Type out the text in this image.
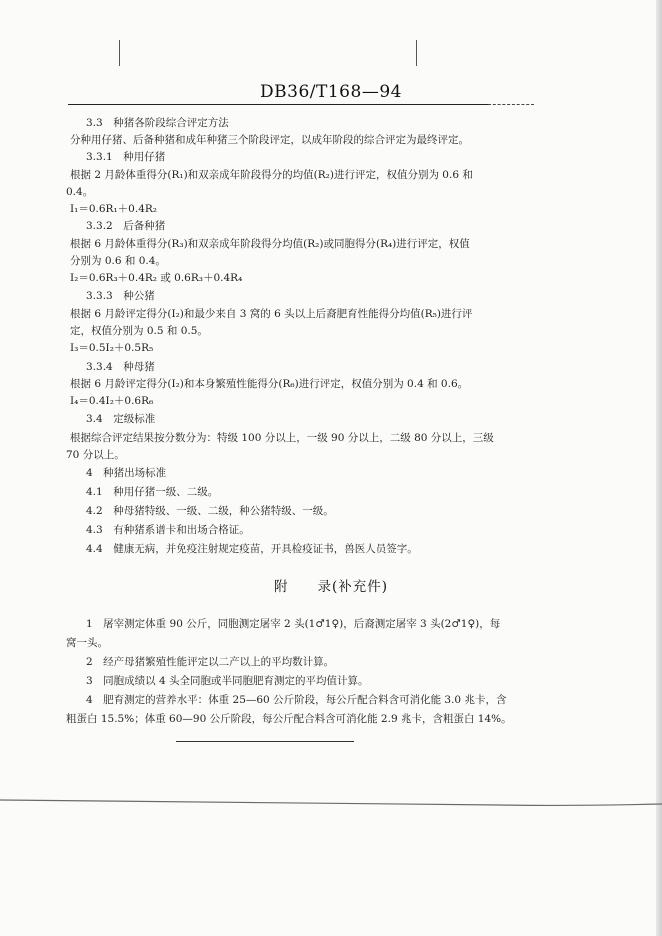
DB36/T168—94
3.3　种猪各阶段综合评定方法
分种用仔猪、后备种猪和成年种猪三个阶段评定，以成年阶段的综合评定为最终评定。
3.3.1　种用仔猪
根据 2 月龄体重得分(R₁)和双亲成年阶段得分的均值(R₂)进行评定，权值分别为 0.6 和
0.4。
I₁＝0.6R₁＋0.4R₂
3.3.2　后备种猪
根据 6 月龄体重得分(R₃)和双亲成年阶段得分均值(R₂)或同胞得分(R₄)进行评定，权值
分别为 0.6 和 0.4。
I₂＝0.6R₃＋0.4R₂ 或 0.6R₃＋0.4R₄
3.3.3　种公猪
根据 6 月龄评定得分(I₂)和最少来自 3 窝的 6 头以上后裔肥育性能得分均值(R₅)进行评
定，权值分别为 0.5 和 0.5。
I₃＝0.5I₂＋0.5R₅
3.3.4　种母猪
根据 6 月龄评定得分(I₂)和本身繁殖性能得分(R₆)进行评定，权值分别为 0.4 和 0.6。
I₄＝0.4I₂＋0.6R₆
3.4　定级标准
根据综合评定结果按分数分为：特级 100 分以上，一级 90 分以上，二级 80 分以上，三级
70 分以上。
4　种猪出场标准
4.1　种用仔猪一级、二级。
4.2　种母猪特级、一级、二级，种公猪特级、一级。
4.3　有种猪系谱卡和出场合格证。
4.4　健康无病，并免疫注射规定疫苗，开具检疫证书，兽医人员签字。
附　　录(补充件)
1　屠宰测定体重 90 公斤，同胞测定屠宰 2 头(1♂1♀)，后裔测定屠宰 3 头(2♂1♀)，每
窝一头。
2　经产母猪繁殖性能评定以二产以上的平均数计算。
3　同胞成绩以 4 头全同胞或半同胞肥育测定的平均值计算。
4　肥育测定的营养水平：体重 25—60 公斤阶段，每公斤配合料含可消化能 3.0 兆卡，含
粗蛋白 15.5%；体重 60—90 公斤阶段，每公斤配合料含可消化能 2.9 兆卡，含粗蛋白 14%。
